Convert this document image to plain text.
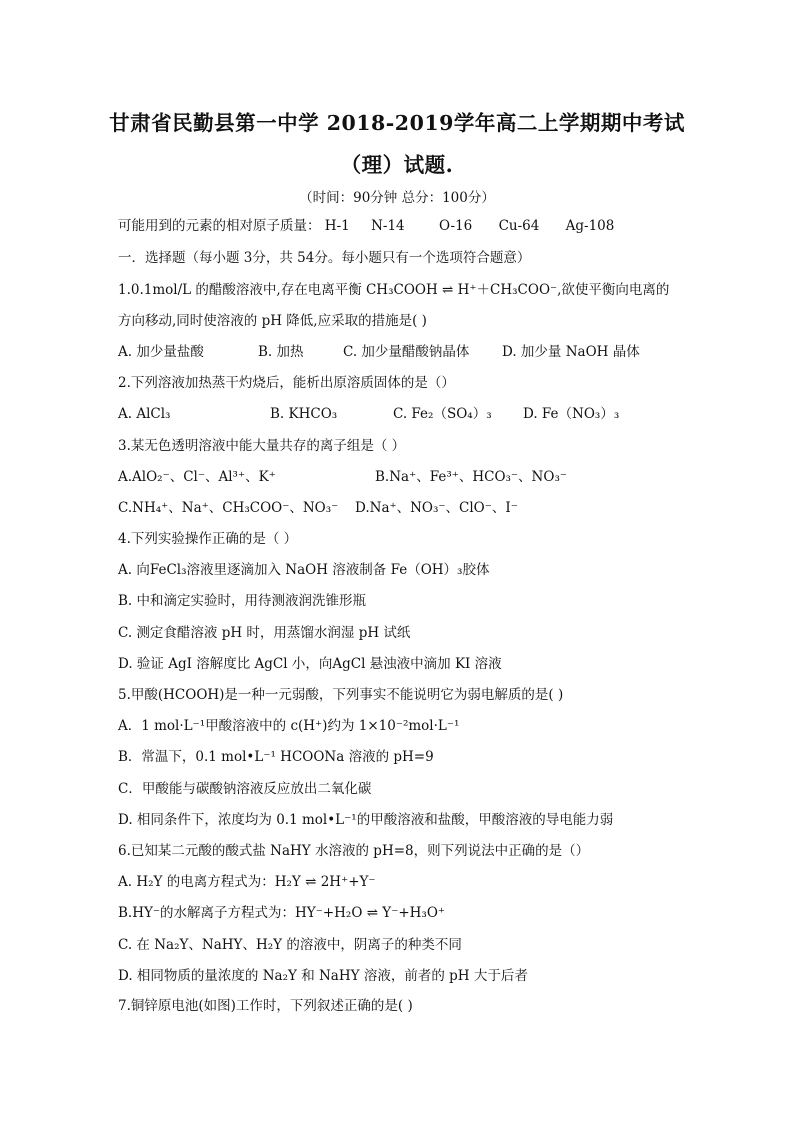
甘肃省民勤县第一中学 2018-2019学年高二上学期期中考试
（理）试题.
（时间：90分钟 总分：100分）
可能用到的元素的相对原子质量： H-1 N-14	O-16 Cu-64 Ag-108
一．选择题（每小题 3分，共 54分。每小题只有一个选项符合题意）
1.0.1mol/L 的醋酸溶液中,存在电离平衡 CH₃COOH ⇌ H⁺＋CH₃COO⁻,欲使平衡向电离的
方向移动,同时使溶液的 pH 降低,应采取的措施是( )
A. 加少量盐酸	B. 加热	C. 加少量醋酸钠晶体 D. 加少量 NaOH 晶体
2.下列溶液加热蒸干灼烧后，能析出原溶质固体的是（）
A. AlCl₃	B. KHCO₃	C. Fe₂（SO₄）₃ D. Fe（NO₃）₃
3.某无色透明溶液中能大量共存的离子组是（ ）
A.AlO₂⁻、Cl⁻、Al³⁺、K⁺	B.Na⁺、Fe³⁺、HCO₃⁻、NO₃⁻
C.NH₄⁺、Na⁺、CH₃COO⁻、NO₃⁻ D.Na⁺、NO₃⁻、ClO⁻、I⁻
4.下列实验操作正确的是（ ）
A. 向FeCl₃溶液里逐滴加入 NaOH 溶液制备 Fe（OH）₃胶体
B. 中和滴定实验时，用待测液润洗锥形瓶
C. 测定食醋溶液 pH 时，用蒸馏水润湿 pH 试纸
D. 验证 AgI 溶解度比 AgCl 小，向AgCl 悬浊液中滴加 KI 溶液
5.甲酸(HCOOH)是一种一元弱酸，下列事实不能说明它为弱电解质的是( )
A．1 mol·L⁻¹甲酸溶液中的 c(H⁺)约为 1×10⁻²mol·L⁻¹
B．常温下，0.1 mol•L⁻¹ HCOONa 溶液的 pH=9
C．甲酸能与碳酸钠溶液反应放出二氧化碳
D. 相同条件下，浓度均为 0.1 mol•L⁻¹的甲酸溶液和盐酸，甲酸溶液的导电能力弱
6.已知某二元酸的酸式盐 NaHY 水溶液的 pH=8，则下列说法中正确的是（）
A. H₂Y 的电离方程式为：H₂Y ⇌ 2H⁺+Y⁻
B.HY⁻的水解离子方程式为：HY⁻+H₂O ⇌ Y⁻+H₃O⁺
C. 在 Na₂Y、NaHY、H₂Y 的溶液中，阴离子的种类不同
D. 相同物质的量浓度的 Na₂Y 和 NaHY 溶液，前者的 pH 大于后者
7.铜锌原电池(如图)工作时，下列叙述正确的是( )
